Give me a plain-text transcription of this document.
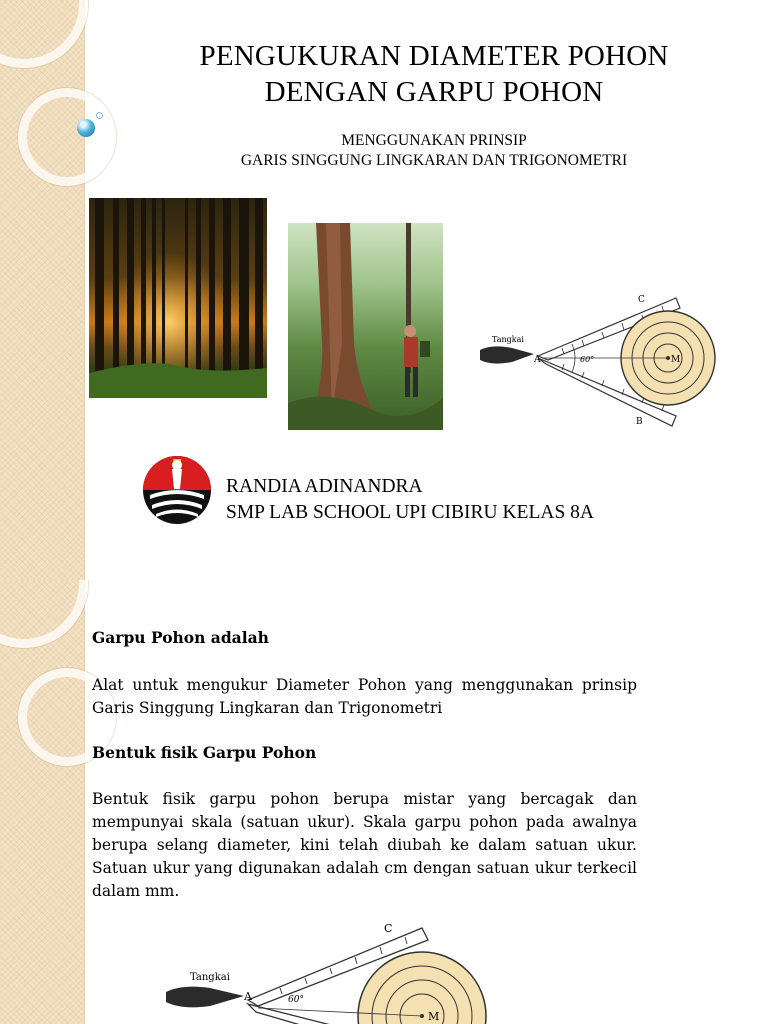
PENGUKURAN DIAMETER POHON
DENGAN GARPU POHON
MENGGUNAKAN PRINSIP
GARIS SINGGUNG LINGKARAN DAN TRIGONOMETRI
Tangkai
A	60°
C
M
B
RANDIA ADINANDRA
SMP LAB SCHOOL UPI CIBIRU KELAS 8A
Garpu Pohon adalah
Alat untuk mengukur Diameter Pohon yang menggunakan prinsip Garis Singgung Lingkaran dan Trigonometri
Bentuk fisik Garpu Pohon
Bentuk fisik garpu pohon berupa mistar yang bercagak dan mempunyai skala (satuan ukur). Skala garpu pohon pada awalnya berupa selang diameter, kini telah diubah ke dalam satuan ukur. Satuan ukur yang digunakan adalah cm dengan satuan ukur terkecil dalam mm.
Tangkai
A	60°
C
M
